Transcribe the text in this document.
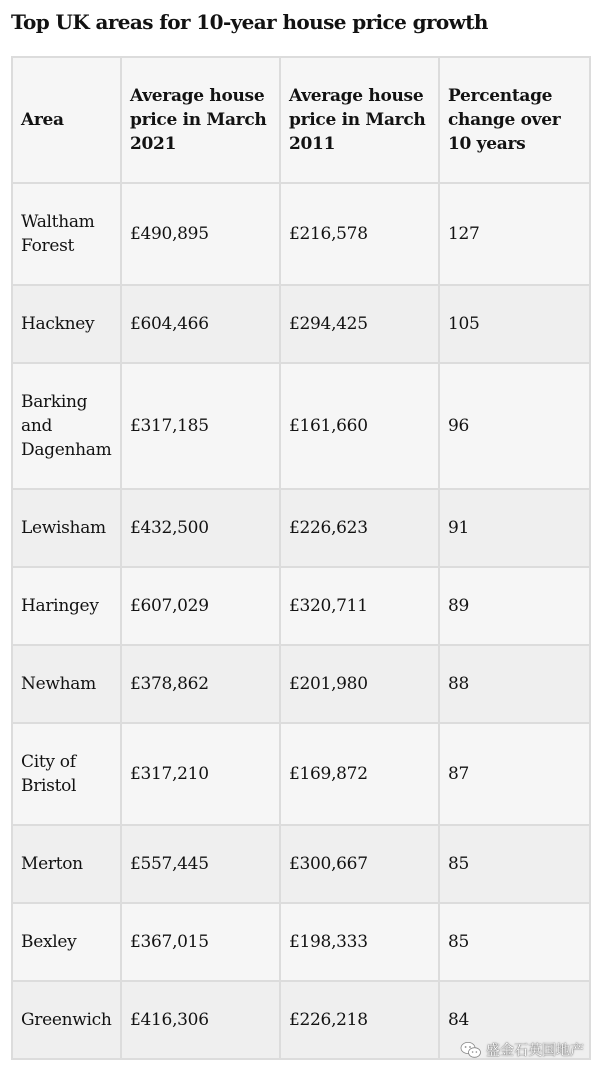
Top UK areas for 10-year house price growth
Area	Average house price in March 2021	Average house price in March 2011	Percentage change over 10 years
Waltham Forest	£490,895	£216,578	127
Hackney	£604,466	£294,425	105
Barking and Dagenham	£317,185	£161,660	96
Lewisham	£432,500	£226,623	91
Haringey	£607,029	£320,711	89
Newham	£378,862	£201,980	88
City of Bristol	£317,210	£169,872	87
Merton	£557,445	£300,667	85
Bexley	£367,015	£198,333	85
Greenwich	£416,306	£226,218	84
盛金石英国地产
